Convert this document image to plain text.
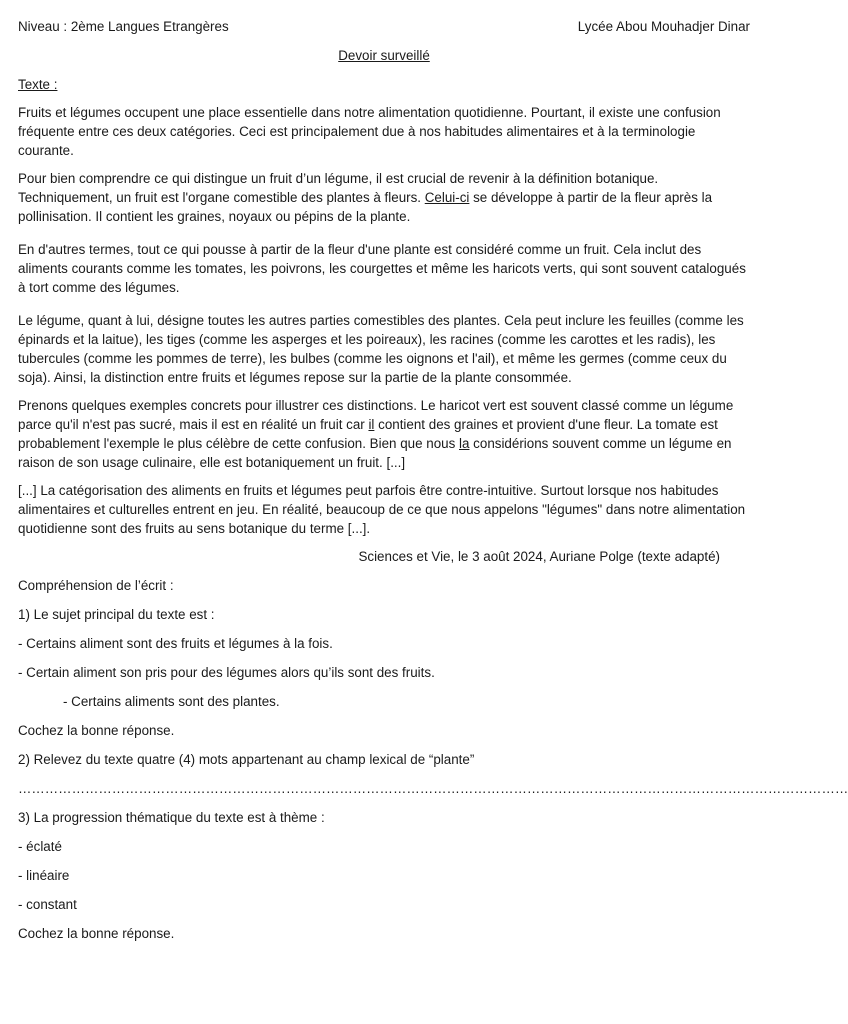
Niveau : 2ème Langues Etrangères	Lycée Abou Mouhadjer Dinar
Devoir surveillé
Texte :

Fruits et légumes occupent une place essentielle dans notre alimentation quotidienne. Pourtant, il existe une confusion fréquente entre ces deux catégories. Ceci est principalement due à nos habitudes alimentaires et à la terminologie courante.

Pour bien comprendre ce qui distingue un fruit d’un légume, il est crucial de revenir à la définition botanique. Techniquement, un fruit est l'organe comestible des plantes à fleurs. Celui-ci se développe à partir de la fleur après la pollinisation. Il contient les graines, noyaux ou pépins de la plante.

En d'autres termes, tout ce qui pousse à partir de la fleur d'une plante est considéré comme un fruit. Cela inclut des aliments courants comme les tomates, les poivrons, les courgettes et même les haricots verts, qui sont souvent catalogués à tort comme des légumes.

Le légume, quant à lui, désigne toutes les autres parties comestibles des plantes. Cela peut inclure les feuilles (comme les épinards et la laitue), les tiges (comme les asperges et les poireaux), les racines (comme les carottes et les radis), les tubercules (comme les pommes de terre), les bulbes (comme les oignons et l'ail), et même les germes (comme ceux du soja). Ainsi, la distinction entre fruits et légumes repose sur la partie de la plante consommée.

Prenons quelques exemples concrets pour illustrer ces distinctions. Le haricot vert est souvent classé comme un légume parce qu'il n'est pas sucré, mais il est en réalité un fruit car il contient des graines et provient d'une fleur. La tomate est probablement l'exemple le plus célèbre de cette confusion. Bien que nous la considérions souvent comme un légume en raison de son usage culinaire, elle est botaniquement un fruit. [...]

[...] La catégorisation des aliments en fruits et légumes peut parfois être contre-intuitive. Surtout lorsque nos habitudes alimentaires et culturelles entrent en jeu. En réalité, beaucoup de ce que nous appelons "légumes" dans notre alimentation quotidienne sont des fruits au sens botanique du terme [...].

Sciences et Vie, le 3 août 2024, Auriane Polge (texte adapté)
Compréhension de l’écrit :
1) Le sujet principal du texte est :
- Certains aliment sont des fruits et légumes à la fois.
- Certain aliment son pris pour des légumes alors qu’ils sont des fruits.
- Certains aliments sont des plantes.
Cochez la bonne réponse.
2) Relevez du texte quatre (4) mots appartenant au champ lexical de “plante”
……………………………………………………………………………………………………………………………………………………………………
3) La progression thématique du texte est à thème :
- éclaté
- linéaire
- constant
Cochez la bonne réponse.
